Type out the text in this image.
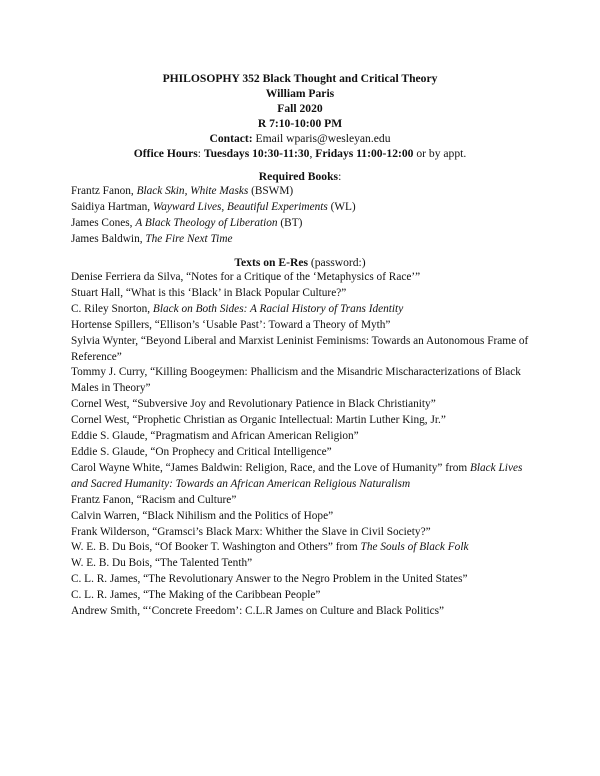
PHILOSOPHY 352 Black Thought and Critical Theory
William Paris
Fall 2020
R 7:10-10:00 PM
Contact: Email wparis@wesleyan.edu
Office Hours: Tuesdays 10:30-11:30, Fridays 11:00-12:00 or by appt.
Required Books:
Frantz Fanon, Black Skin, White Masks (BSWM)
Saidiya Hartman, Wayward Lives, Beautiful Experiments (WL)
James Cones, A Black Theology of Liberation (BT)
James Baldwin, The Fire Next Time
Texts on E-Res (password:)
Denise Ferriera da Silva, “Notes for a Critique of the ‘Metaphysics of Race’”
Stuart Hall, “What is this ‘Black’ in Black Popular Culture?”
C. Riley Snorton, Black on Both Sides: A Racial History of Trans Identity
Hortense Spillers, “Ellison’s ‘Usable Past’: Toward a Theory of Myth”
Sylvia Wynter, “Beyond Liberal and Marxist Leninist Feminisms: Towards an Autonomous Frame of Reference”
Tommy J. Curry, “Killing Boogeymen: Phallicism and the Misandric Mischaracterizations of Black Males in Theory”
Cornel West, “Subversive Joy and Revolutionary Patience in Black Christianity”
Cornel West, “Prophetic Christian as Organic Intellectual: Martin Luther King, Jr.”
Eddie S. Glaude, “Pragmatism and African American Religion”
Eddie S. Glaude, “On Prophecy and Critical Intelligence”
Carol Wayne White, “James Baldwin: Religion, Race, and the Love of Humanity” from Black Lives and Sacred Humanity: Towards an African American Religious Naturalism
Frantz Fanon, “Racism and Culture”
Calvin Warren, “Black Nihilism and the Politics of Hope”
Frank Wilderson, “Gramsci’s Black Marx: Whither the Slave in Civil Society?”
W. E. B. Du Bois, “Of Booker T. Washington and Others” from The Souls of Black Folk
W. E. B. Du Bois, “The Talented Tenth”
C. L. R. James, “The Revolutionary Answer to the Negro Problem in the United States”
C. L. R. James, “The Making of the Caribbean People”
Andrew Smith, “‘Concrete Freedom’: C.L.R James on Culture and Black Politics”
